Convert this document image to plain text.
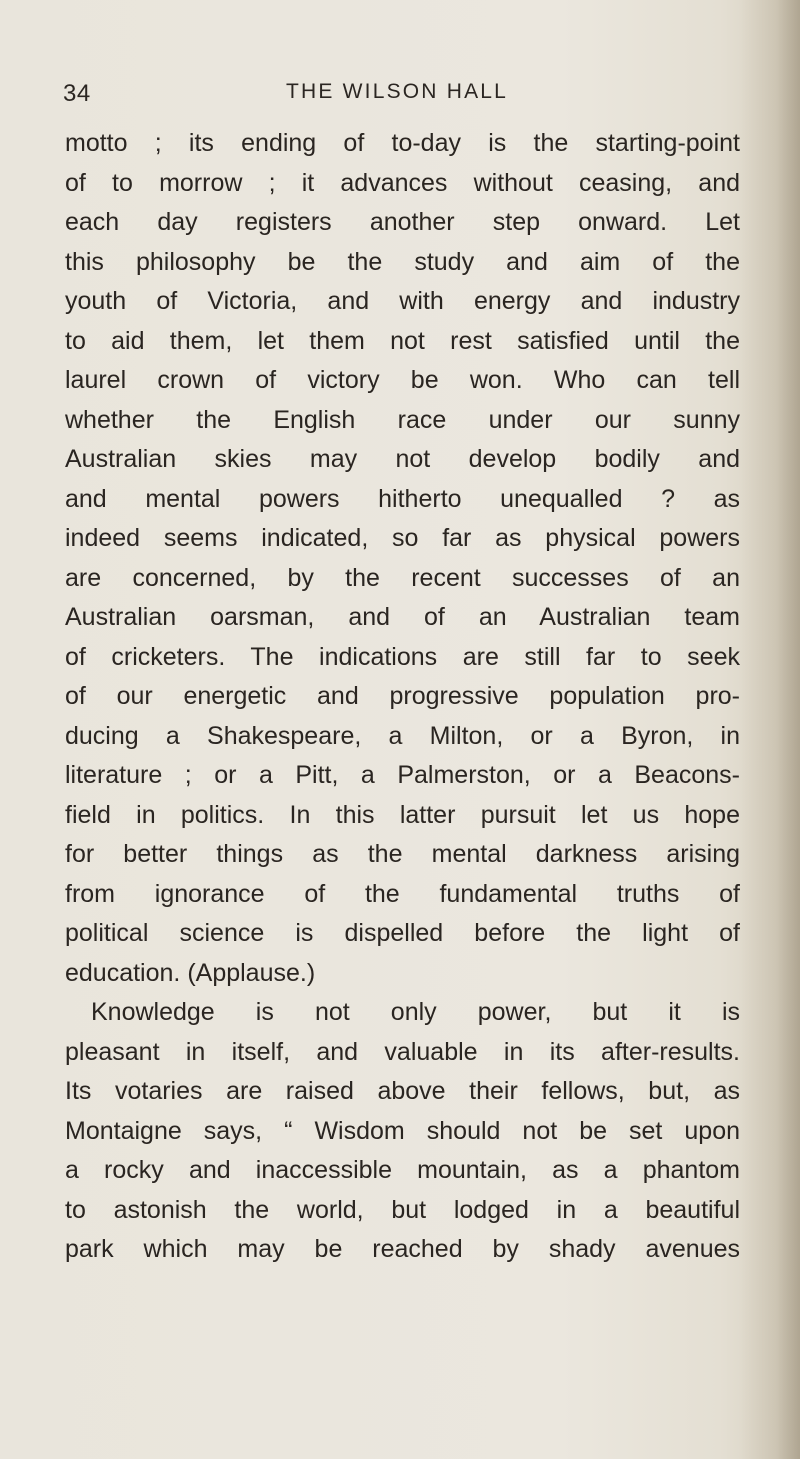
34	THE WILSON HALL
motto ; its ending of to-day is the starting-point
of to morrow ; it advances without ceasing, and
each day registers another step onward. Let
this philosophy be the study and aim of the
youth of Victoria, and with energy and industry
to aid them, let them not rest satisfied until the
laurel crown of victory be won. Who can tell
whether the English race under our sunny
Australian skies may not develop bodily and
and mental powers hitherto unequalled ? as
indeed seems indicated, so far as physical powers
are concerned, by the recent successes of an
Australian oarsman, and of an Australian team
of cricketers. The indications are still far to seek
of our energetic and progressive population pro-
ducing a Shakespeare, a Milton, or a Byron, in
literature ; or a Pitt, a Palmerston, or a Beacons-
field in politics. In this latter pursuit let us hope
for better things as the mental darkness arising
from ignorance of the fundamental truths of
political science is dispelled before the light of
education. (Applause.)
Knowledge is not only power, but it is
pleasant in itself, and valuable in its after-results.
Its votaries are raised above their fellows, but, as
Montaigne says, “ Wisdom should not be set upon
a rocky and inaccessible mountain, as a phantom
to astonish the world, but lodged in a beautiful
park which may be reached by shady avenues
